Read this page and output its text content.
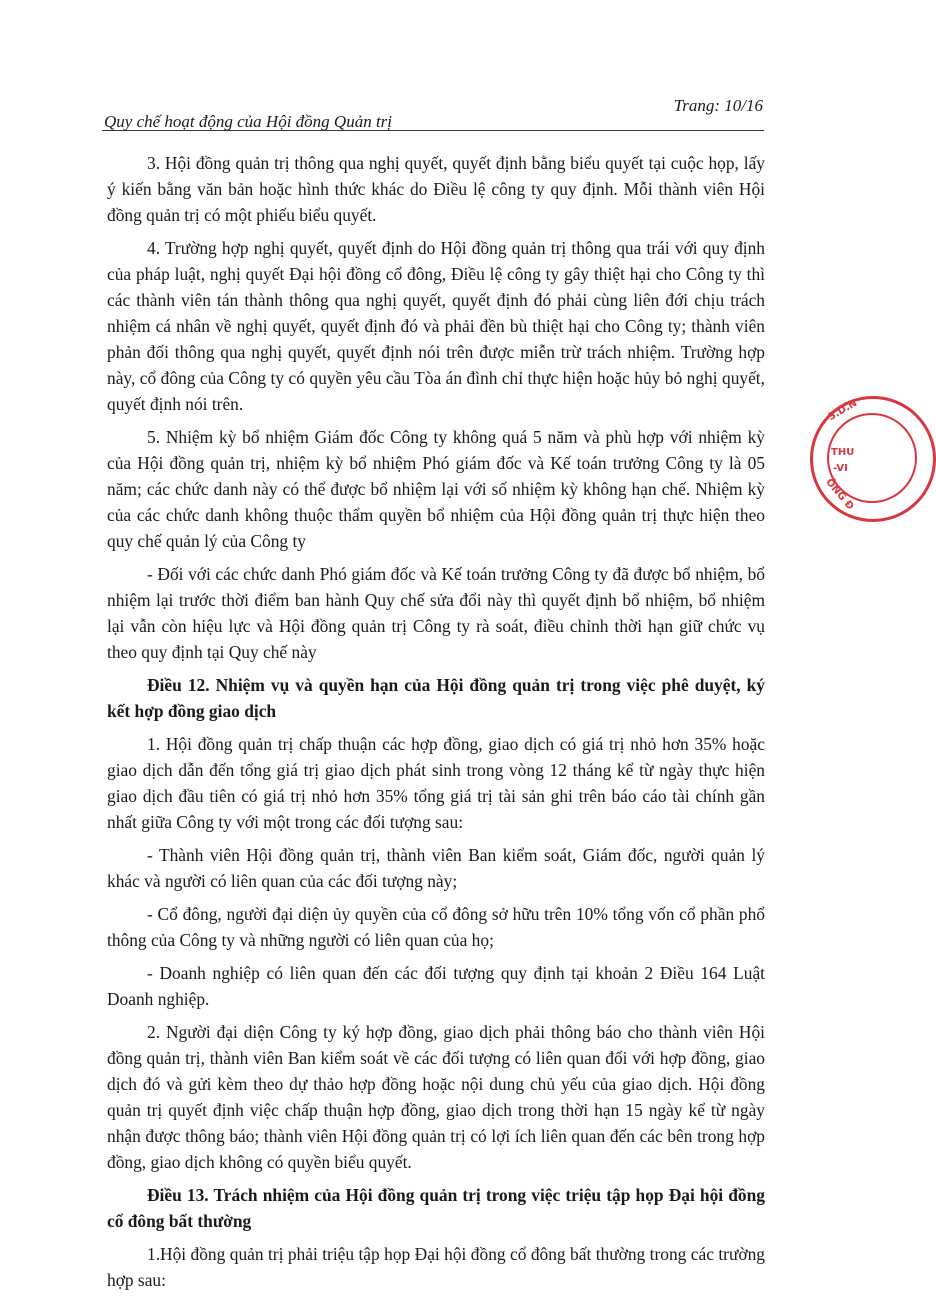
Quy chế hoạt động của Hội đồng Quản trị
Trang: 10/16

3. Hội đồng quản trị thông qua nghị quyết, quyết định bằng biểu quyết tại cuộc họp, lấy ý kiến bằng văn bản hoặc hình thức khác do Điều lệ công ty quy định. Mỗi thành viên Hội đồng quản trị có một phiếu biểu quyết.

4. Trường hợp nghị quyết, quyết định do Hội đồng quản trị thông qua trái với quy định của pháp luật, nghị quyết Đại hội đồng cổ đông, Điều lệ công ty gây thiệt hại cho Công ty thì các thành viên tán thành thông qua nghị quyết, quyết định đó phải cùng liên đới chịu trách nhiệm cá nhân về nghị quyết, quyết định đó và phải đền bù thiệt hại cho Công ty; thành viên phản đối thông qua nghị quyết, quyết định nói trên được miễn trừ trách nhiệm. Trường hợp này, cổ đông của Công ty có quyền yêu cầu Tòa án đình chỉ thực hiện hoặc hủy bỏ nghị quyết, quyết định nói trên.

5. Nhiệm kỳ bổ nhiệm Giám đốc Công ty không quá 5 năm và phù hợp với nhiệm kỳ của Hội đồng quản trị, nhiệm kỳ bổ nhiệm Phó giám đốc và Kế toán trưởng Công ty là 05 năm; các chức danh này có thể được bổ nhiệm lại với số nhiệm kỳ không hạn chế. Nhiệm kỳ của các chức danh không thuộc thẩm quyền bổ nhiệm của Hội đồng quản trị thực hiện theo quy chế quản lý của Công ty

- Đối với các chức danh Phó giám đốc và Kế toán trưởng Công ty đã được bổ nhiệm, bổ nhiệm lại trước thời điểm ban hành Quy chế sửa đổi này thì quyết định bổ nhiệm, bổ nhiệm lại vẫn còn hiệu lực và Hội đồng quản trị Công ty rà soát, điều chỉnh thời hạn giữ chức vụ theo quy định tại Quy chế này

Điều 12. Nhiệm vụ và quyền hạn của Hội đồng quản trị trong việc phê duyệt, ký kết hợp đồng giao dịch

1. Hội đồng quản trị chấp thuận các hợp đồng, giao dịch có giá trị nhỏ hơn 35% hoặc giao dịch dẫn đến tổng giá trị giao dịch phát sinh trong vòng 12 tháng kể từ ngày thực hiện giao dịch đầu tiên có giá trị nhỏ hơn 35% tổng giá trị tài sản ghi trên báo cáo tài chính gần nhất giữa Công ty với một trong các đối tượng sau:

- Thành viên Hội đồng quản trị, thành viên Ban kiểm soát, Giám đốc, người quản lý khác và người có liên quan của các đối tượng này;

- Cổ đông, người đại diện ủy quyền của cổ đông sở hữu trên 10% tổng vốn cổ phần phổ thông của Công ty và những người có liên quan của họ;

- Doanh nghiệp có liên quan đến các đối tượng quy định tại khoản 2 Điều 164 Luật Doanh nghiệp.

2. Người đại diện Công ty ký hợp đồng, giao dịch phải thông báo cho thành viên Hội đồng quản trị, thành viên Ban kiểm soát về các đối tượng có liên quan đối với hợp đồng, giao dịch đó và gửi kèm theo dự thảo hợp đồng hoặc nội dung chủ yếu của giao dịch. Hội đồng quản trị quyết định việc chấp thuận hợp đồng, giao dịch trong thời hạn 15 ngày kể từ ngày nhận được thông báo; thành viên Hội đồng quản trị có lợi ích liên quan đến các bên trong hợp đồng, giao dịch không có quyền biểu quyết.

Điều 13. Trách nhiệm của Hội đồng quản trị trong việc triệu tập họp Đại hội đồng cổ đông bất thường

1.Hội đồng quản trị phải triệu tập họp Đại hội đồng cổ đông bất thường trong các trường hợp sau:

S.D.N
THU
-VI
ÔNG Đ
